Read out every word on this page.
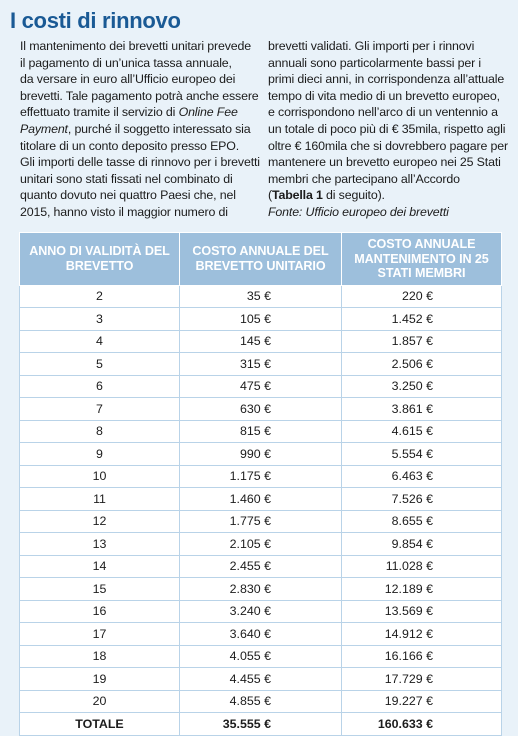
I costi di rinnovo
Il mantenimento dei brevetti unitari prevede
il pagamento di un’unica tassa annuale,
da versare in euro all’Ufficio europeo dei
brevetti. Tale pagamento potrà anche essere
effettuato tramite il servizio di Online Fee
Payment, purché il soggetto interessato sia
titolare di un conto deposito presso EPO.
Gli importi delle tasse di rinnovo per i brevetti
unitari sono stati fissati nel combinato di
quanto dovuto nei quattro Paesi che, nel
2015, hanno visto il maggior numero di
brevetti validati. Gli importi per i rinnovi
annuali sono particolarmente bassi per i
primi dieci anni, in corrispondenza all’attuale
tempo di vita medio di un brevetto europeo,
e corrispondono nell’arco di un ventennio a
un totale di poco più di € 35mila, rispetto agli
oltre € 160mila che si dovrebbero pagare per
mantenere un brevetto europeo nei 25 Stati
membri che partecipano all’Accordo
(Tabella 1 di seguito).
Fonte: Ufficio europeo dei brevetti
ANNO DI VALIDITÀ DEL BREVETTO	COSTO ANNUALE DEL BREVETTO UNITARIO	COSTO ANNUALE MANTENIMENTO IN 25 STATI MEMBRI
2	35 €	220 €
3	105 €	1.452 €
4	145 €	1.857 €
5	315 €	2.506 €
6	475 €	3.250 €
7	630 €	3.861 €
8	815 €	4.615 €
9	990 €	5.554 €
10	1.175 €	6.463 €
11	1.460 €	7.526 €
12	1.775 €	8.655 €
13	2.105 €	9.854 €
14	2.455 €	11.028 €
15	2.830 €	12.189 €
16	3.240 €	13.569 €
17	3.640 €	14.912 €
18	4.055 €	16.166 €
19	4.455 €	17.729 €
20	4.855 €	19.227 €
TOTALE	35.555 €	160.633 €
